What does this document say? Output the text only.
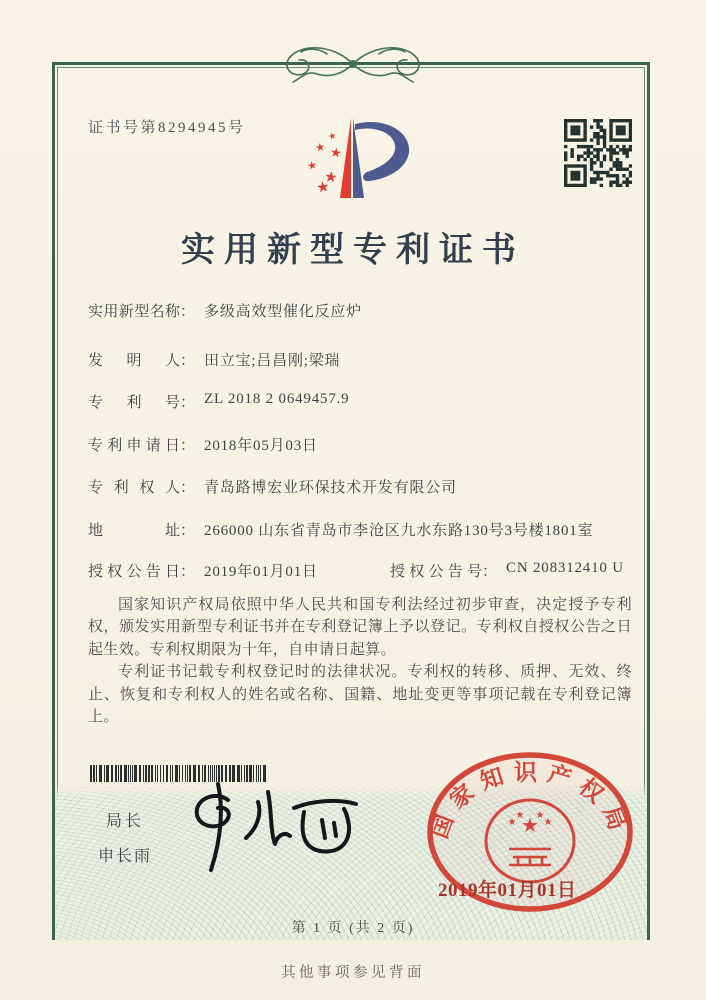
证书号第8294945号
★
★ ★
★
★
★
实用新型专利证书
实用新型名称： 多级高效型催化反应炉
发明人： 田立宝;吕昌刚;梁瑞
专利号： ZL 2018 2 0649457.9
专利申请日： 2018年05月03日
专利权人： 青岛路博宏业环保技术开发有限公司
地址： 266000 山东省青岛市李沧区九水东路130号3号楼1801室
授权公告日： 2019年01月01日	授权公告号： CN 208312410 U

国家知识产权局依照中华人民共和国专利法经过初步审查，决定授予专利权，颁发实用新型专利证书并在专利登记簿上予以登记。专利权自授权公告之日起生效。专利权期限为十年，自申请日起算。

专利证书记载专利权登记时的法律状况。专利权的转移、质押、无效、终止、恢复和专利权人的姓名或名称、国籍、地址变更等事项记载在专利登记簿上。

局长
申长雨
国家知识产权局
★
★
★ ★
★
2019年01月01日
第 1 页 (共 2 页)
其他事项参见背面
